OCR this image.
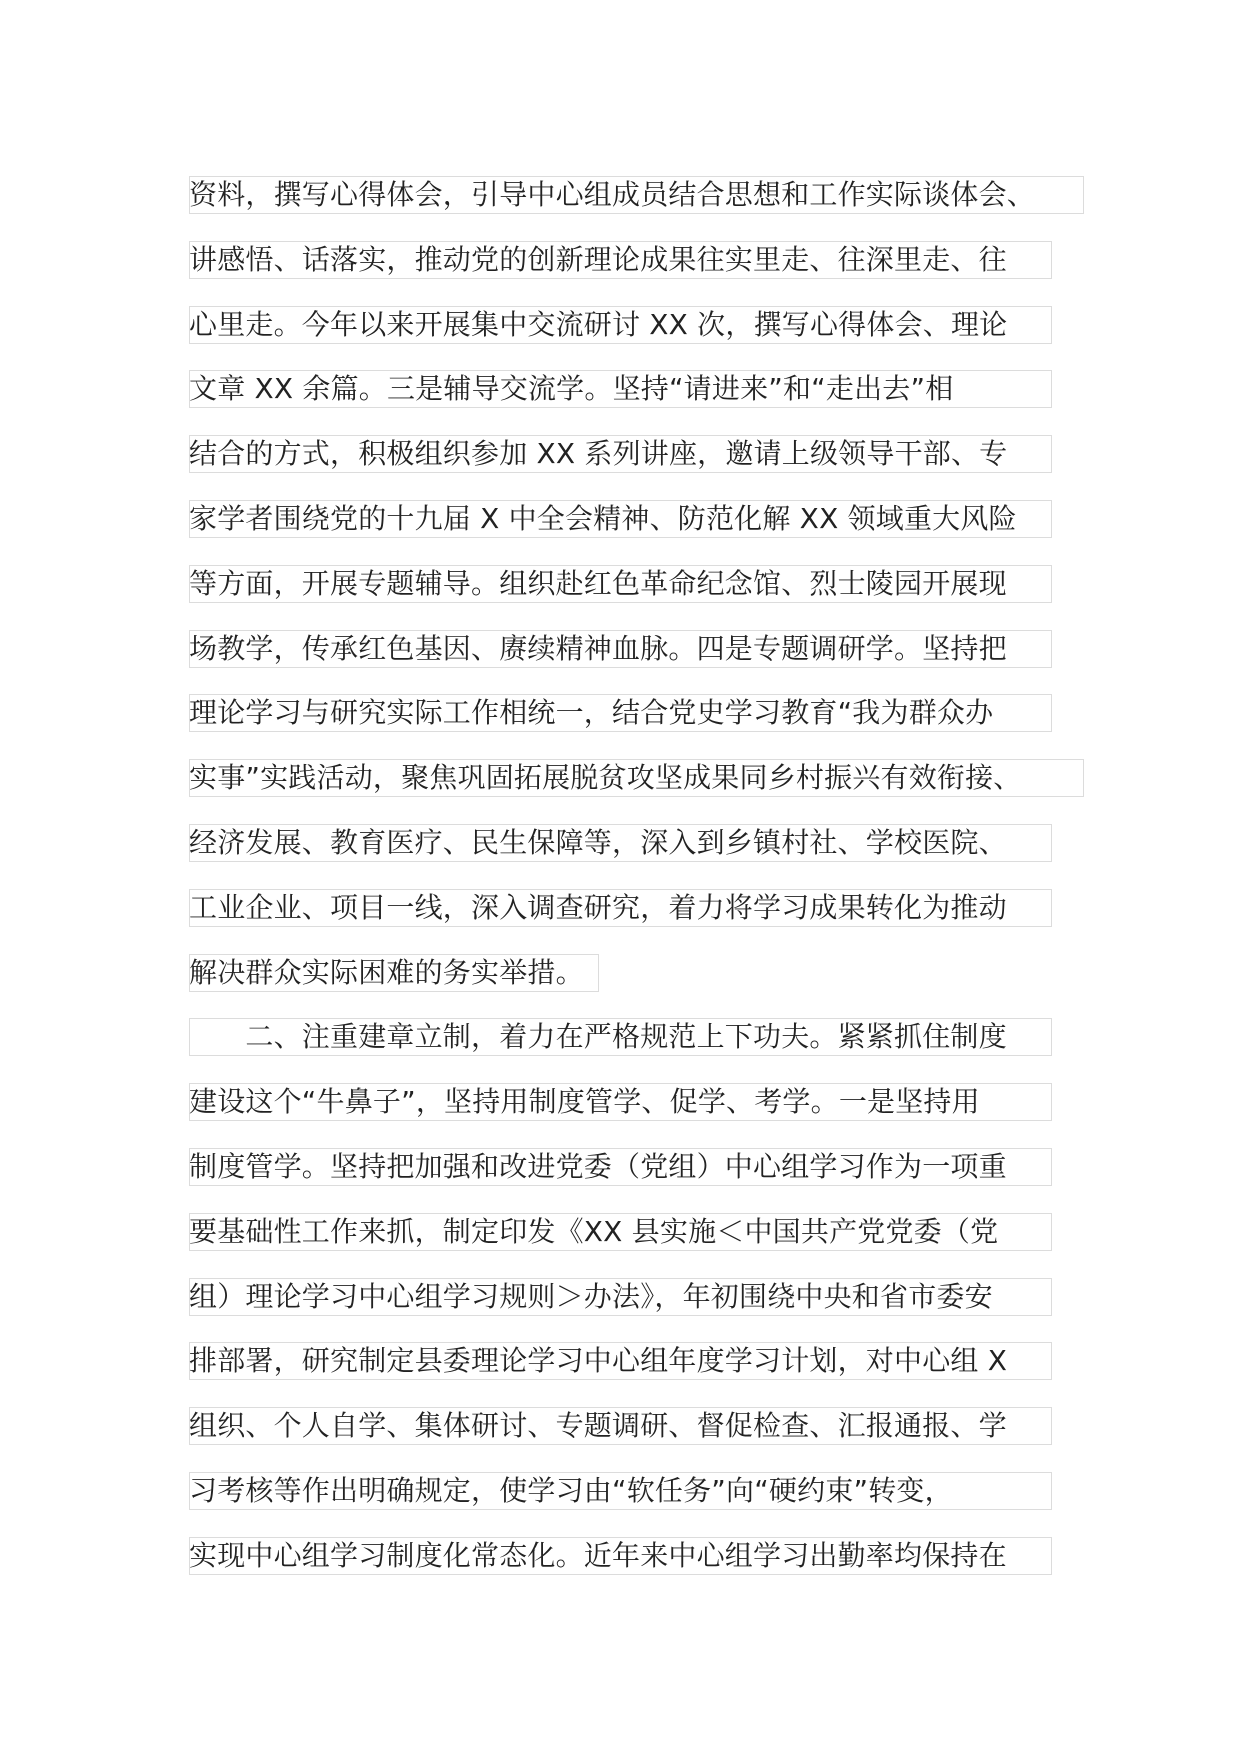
资料，撰写心得体会，引导中心组成员结合思想和工作实际谈体会、
讲感悟、话落实，推动党的创新理论成果往实里走、往深里走、往
心里走。今年以来开展集中交流研讨 XX 次，撰写心得体会、理论
文章 XX 余篇。三是辅导交流学。坚持“请进来”和“走出去”相
结合的方式，积极组织参加 XX 系列讲座，邀请上级领导干部、专
家学者围绕党的十九届 X 中全会精神、防范化解 XX 领域重大风险
等方面，开展专题辅导。组织赴红色革命纪念馆、烈士陵园开展现
场教学，传承红色基因、赓续精神血脉。四是专题调研学。坚持把
理论学习与研究实际工作相统一，结合党史学习教育“我为群众办
实事”实践活动，聚焦巩固拓展脱贫攻坚成果同乡村振兴有效衔接、
经济发展、教育医疗、民生保障等，深入到乡镇村社、学校医院、
工业企业、项目一线，深入调查研究，着力将学习成果转化为推动
解决群众实际困难的务实举措。
　　二、注重建章立制，着力在严格规范上下功夫。紧紧抓住制度
建设这个“牛鼻子”，坚持用制度管学、促学、考学。一是坚持用
制度管学。坚持把加强和改进党委（党组）中心组学习作为一项重
要基础性工作来抓，制定印发《XX 县实施＜中国共产党党委（党
组）理论学习中心组学习规则＞办法》，年初围绕中央和省市委安
排部署，研究制定县委理论学习中心组年度学习计划，对中心组 X
组织、个人自学、集体研讨、专题调研、督促检查、汇报通报、学
习考核等作出明确规定，使学习由“软任务”向“硬约束”转变，
实现中心组学习制度化常态化。近年来中心组学习出勤率均保持在
